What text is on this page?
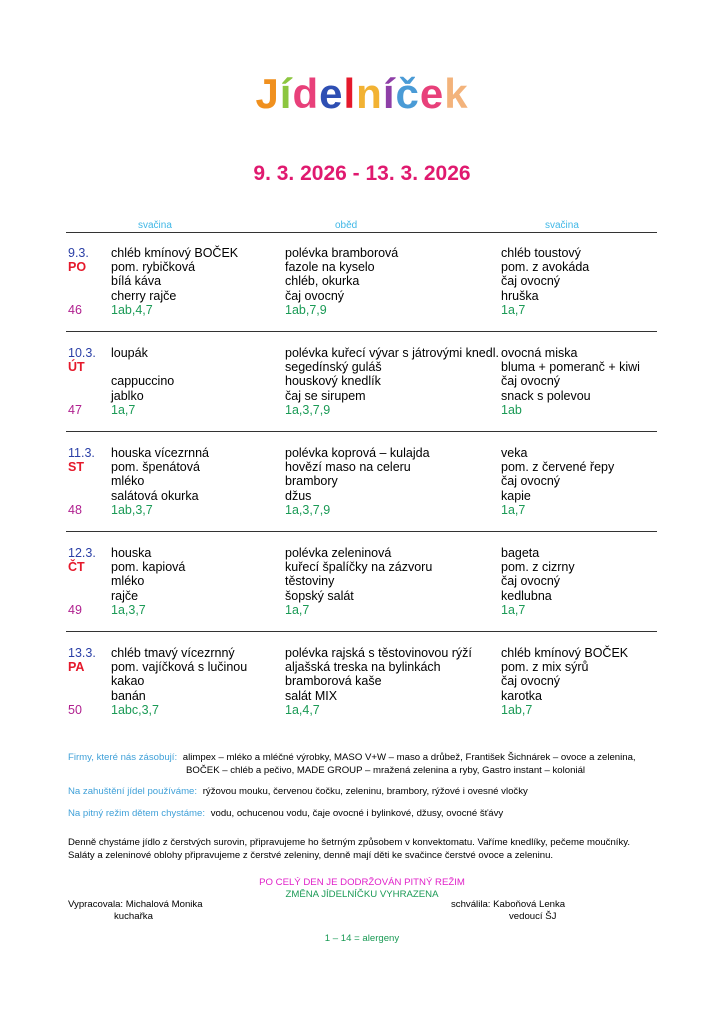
Jídelníček
9. 3. 2026 - 13. 3. 2026
svačina	oběd	svačina
9.3.
PO
46
chléb kmínový BOČEK
pom. rybičková
bílá káva
cherry rajče
1ab,4,7
polévka bramborová
fazole na kyselo
chléb, okurka
čaj ovocný
1ab,7,9
chléb toustový
pom. z avokáda
čaj ovocný
hruška
1a,7
10.3.
ÚT
47
loupák
cappuccino
jablko
1a,7
polévka kuřecí vývar s játrovými knedl.
segedínský guláš
houskový knedlík
čaj se sirupem
1a,3,7,9
ovocná miska
bluma + pomeranč + kiwi
čaj ovocný
snack s polevou
1ab
11.3.
ST
48
houska vícezrnná
pom. špenátová
mléko
salátová okurka
1ab,3,7
polévka koprová – kulajda
hovězí maso na celeru
brambory
džus
1a,3,7,9
veka
pom. z červené řepy
čaj ovocný
kapie
1a,7
12.3.
ČT
49
houska
pom. kapiová
mléko
rajče
1a,3,7
polévka zeleninová
kuřecí špalíčky na zázvoru
těstoviny
šopský salát
1a,7
bageta
pom. z cizrny
čaj ovocný
kedlubna
1a,7
13.3.
PA
50
chléb tmavý vícezrnný
pom. vajíčková s lučinou
kakao
banán
1abc,3,7
polévka rajská s těstovinovou rýží
aljašská treska na bylinkách
bramborová kaše
salát MIX
1a,4,7
chléb kmínový BOČEK
pom. z mix sýrů
čaj ovocný
karotka
1ab,7
Firmy, které nás zásobují: alimpex – mléko a mléčné výrobky, MASO V+W – maso a drůbež, František Šichnárek – ovoce a zelenina,
BOČEK – chléb a pečivo, MADE GROUP – mražená zelenina a ryby, Gastro instant – koloniál
Na zahuštění jídel používáme: rýžovou mouku, červenou čočku, zeleninu, brambory, rýžové i ovesné vločky
Na pitný režim dětem chystáme: vodu, ochucenou vodu, čaje ovocné i bylinkové, džusy, ovocné šťávy
Denně chystáme jídlo z čerstvých surovin, připravujeme ho šetrným způsobem v konvektomatu. Vaříme knedlíky, pečeme moučníky.
Saláty a zeleninové oblohy připravujeme z čerstvé zeleniny, denně mají děti ke svačince čerstvé ovoce a zeleninu.
PO CELÝ DEN JE DODRŽOVÁN PITNÝ REŽIM
ZMĚNA JÍDELNÍČKU VYHRAZENA
Vypracovala: Michalová Monika
kuchařka
schválila: Kaboňová Lenka
vedoucí ŠJ
1 – 14 = alergeny
